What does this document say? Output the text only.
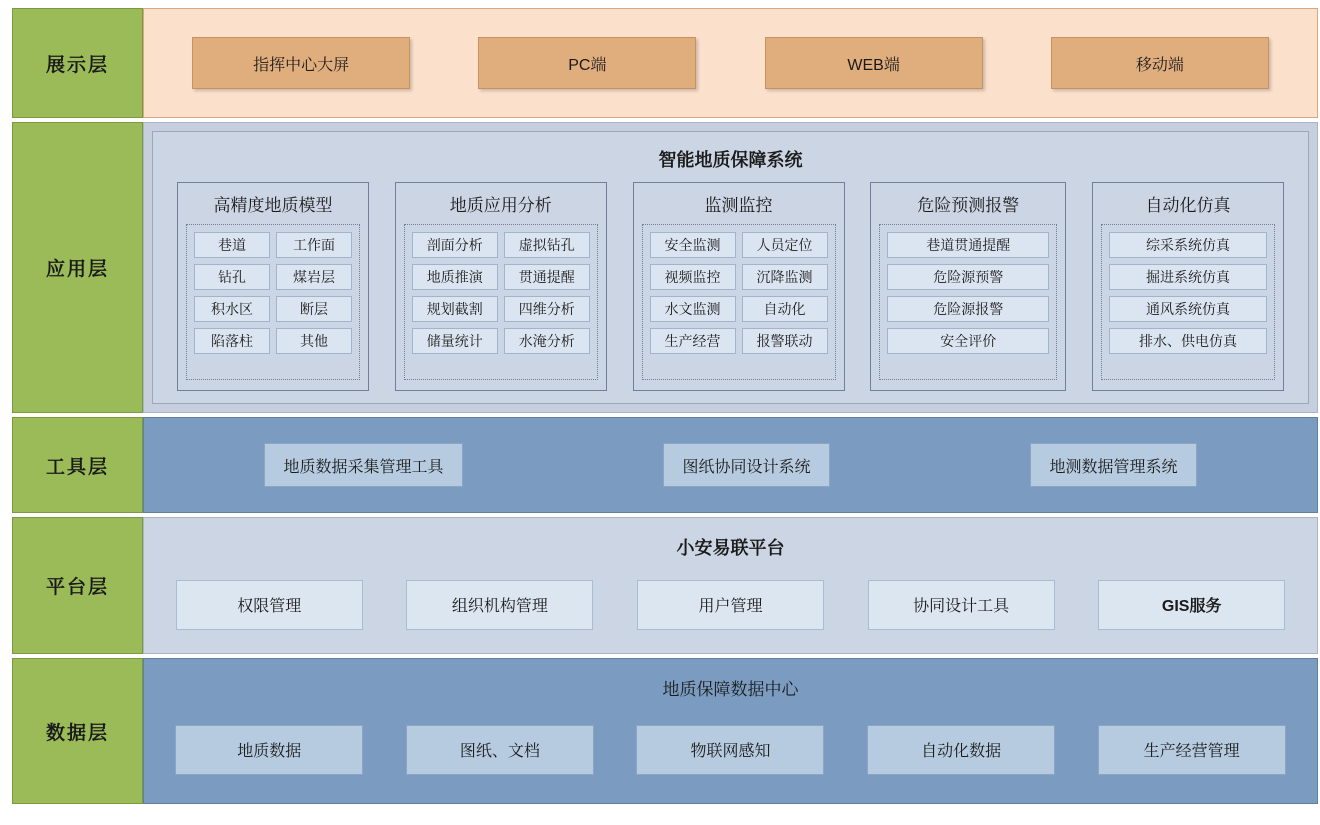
展示层	指挥中心大屏	PC端	WEB端	移动端
应用层
智能地质保障系统
高精度地质模型
巷道	工作面
钻孔	煤岩层
积水区	断层
陷落柱	其他
地质应用分析
剖面分析	虚拟钻孔
地质推演	贯通提醒
规划截割	四维分析
储量统计	水淹分析
监测监控
安全监测	人员定位
视频监控	沉降监测
水文监测	自动化
生产经营	报警联动
危险预测报警
巷道贯通提醒
危险源预警
危险源报警
安全评价
自动化仿真
综采系统仿真
掘进系统仿真
通风系统仿真
排水、供电仿真
工具层	地质数据采集管理工具	图纸协同设计系统	地测数据管理系统
平台层
小安易联平台
权限管理	组织机构管理	用户管理	协同设计工具	GIS服务
数据层
地质保障数据中心
地质数据	图纸、文档	物联网感知	自动化数据	生产经营管理
